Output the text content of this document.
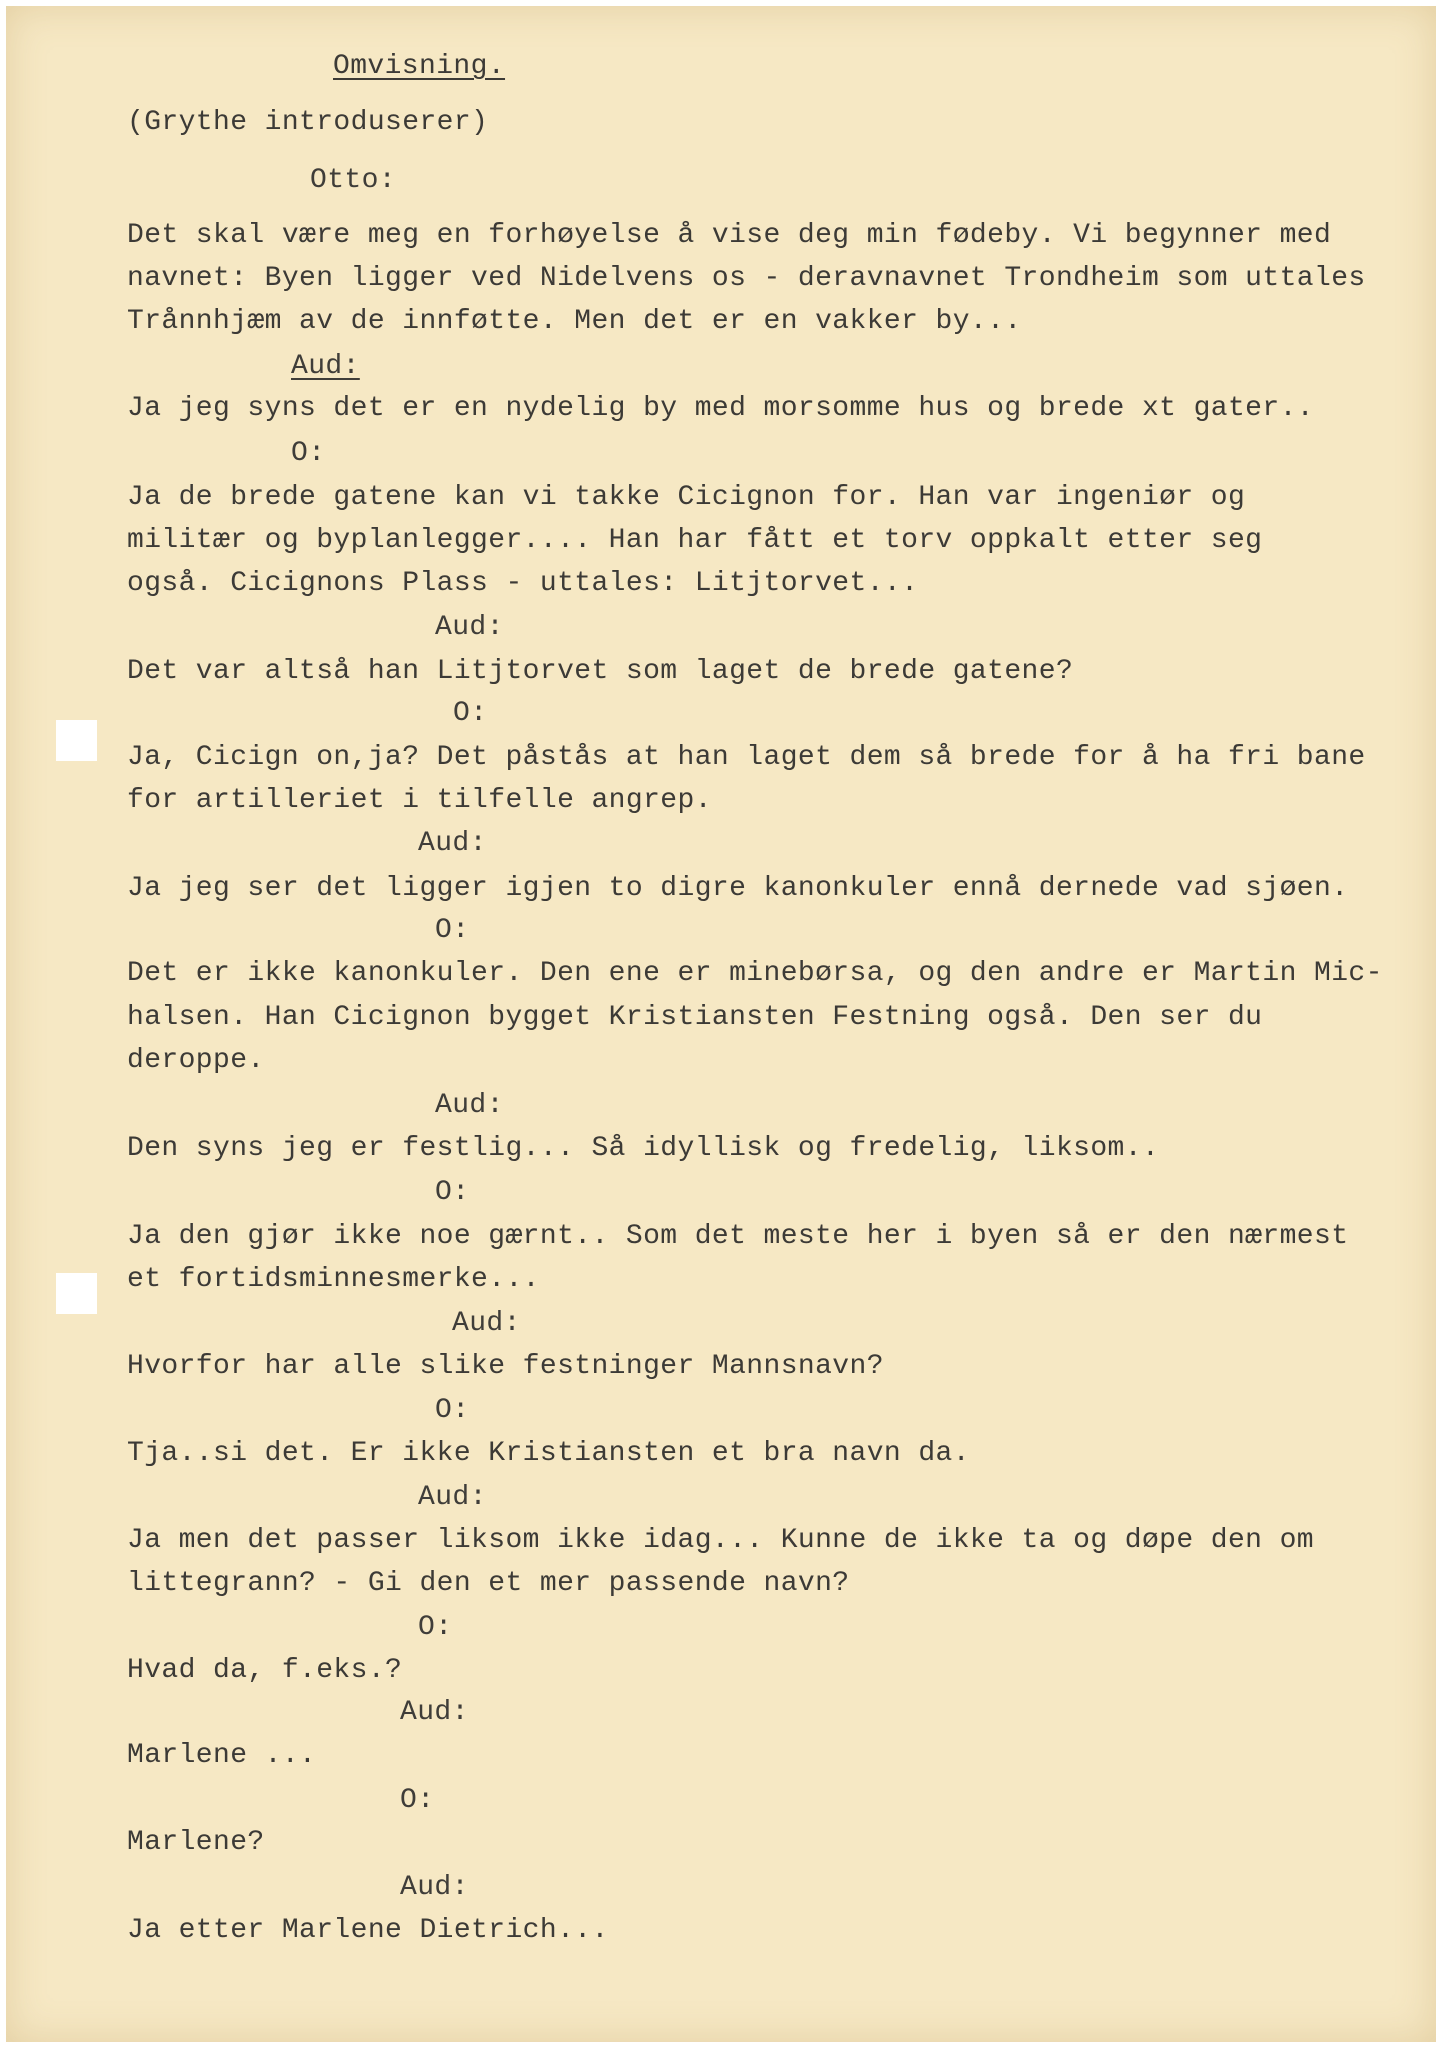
Omvisning.
(Grythe introduserer)
Otto:
Det skal være meg en forhøyelse å vise deg min fødeby. Vi begynner med
navnet: Byen ligger ved Nidelvens os - deravnavnet Trondheim som uttales
Trånnhjæm av de innføtte. Men det er en vakker by...
Aud:
Ja jeg syns det er en nydelig by med morsomme hus og brede xt gater..
O:
Ja de brede gatene kan vi takke Cicignon for. Han var ingeniør og
militær og byplanlegger.... Han har fått et torv oppkalt etter seg
også. Cicignons Plass - uttales: Litjtorvet...
Aud:
Det var altså han Litjtorvet som laget de brede gatene?
O:
Ja, Cicign on,ja? Det påstås at han laget dem så brede for å ha fri bane
for artilleriet i tilfelle angrep.
Aud:
Ja jeg ser det ligger igjen to digre kanonkuler ennå dernede vad sjøen.
O:
Det er ikke kanonkuler. Den ene er minebørsa, og den andre er Martin Mic-
halsen. Han Cicignon bygget Kristiansten Festning også. Den ser du
deroppe.
Aud:
Den syns jeg er festlig... Så idyllisk og fredelig, liksom..
O:
Ja den gjør ikke noe gærnt.. Som det meste her i byen så er den nærmest
et fortidsminnesmerke...
Aud:
Hvorfor har alle slike festninger Mannsnavn?
O:
Tja..si det. Er ikke Kristiansten et bra navn da.
Aud:
Ja men det passer liksom ikke idag... Kunne de ikke ta og døpe den om
littegrann? - Gi den et mer passende navn?
O:
Hvad da, f.eks.?
Aud:
Marlene ...
O:
Marlene?
Aud:
Ja etter Marlene Dietrich...
